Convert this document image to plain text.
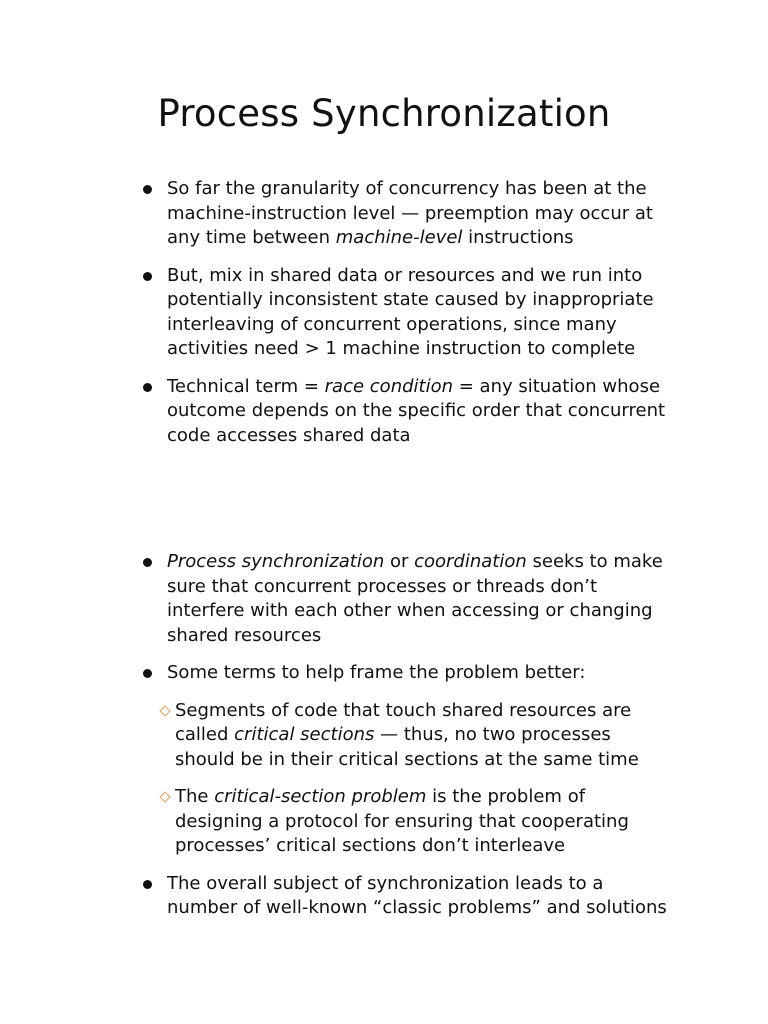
Process Synchronization
So far the granularity of concurrency has been at the machine-instruction level — preemption may occur at any time between machine-level instructions
But, mix in shared data or resources and we run into potentially inconsistent state caused by inappropriate interleaving of concurrent operations, since many activities need > 1 machine instruction to complete
Technical term = race condition = any situation whose outcome depends on the specific order that concurrent code accesses shared data
Process synchronization or coordination seeks to make sure that concurrent processes or threads don’t interfere with each other when accessing or changing shared resources
Some terms to help frame the problem better:
Segments of code that touch shared resources are called critical sections — thus, no two processes should be in their critical sections at the same time
The critical-section problem is the problem of designing a protocol for ensuring that cooperating processes’ critical sections don’t interleave
The overall subject of synchronization leads to a number of well-known “classic problems” and solutions
